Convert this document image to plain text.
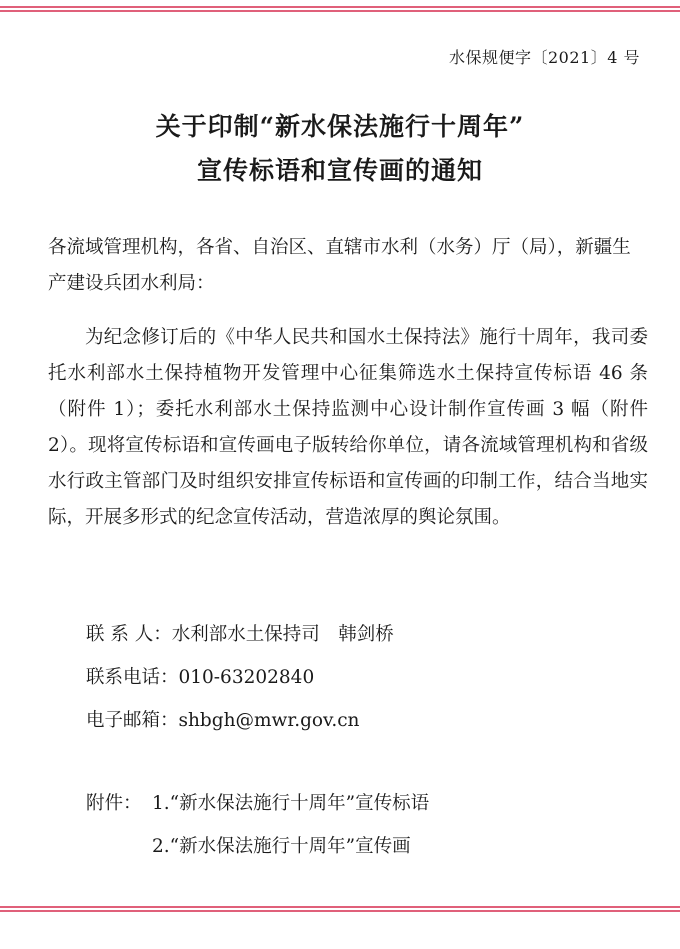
水保规便字〔2021〕4 号
关于印制“新水保法施行十周年”
宣传标语和宣传画的通知
各流域管理机构，各省、自治区、直辖市水利（水务）厅（局），新疆生产建设兵团水利局：
为纪念修订后的《中华人民共和国水土保持法》施行十周年，我司委托水利部水土保持植物开发管理中心征集筛选水土保持宣传标语 46 条（附件 1）；委托水利部水土保持监测中心设计制作宣传画 3 幅（附件 2）。现将宣传标语和宣传画电子版转给你单位，请各流域管理机构和省级水行政主管部门及时组织安排宣传标语和宣传画的印制工作，结合当地实际，开展多形式的纪念宣传活动，营造浓厚的舆论氛围。
联 系 人：水利部水土保持司　韩剑桥
联系电话：010-63202840
电子邮箱：shbgh@mwr.gov.cn
附件： 1.“新水保法施行十周年”宣传标语
2.“新水保法施行十周年”宣传画
